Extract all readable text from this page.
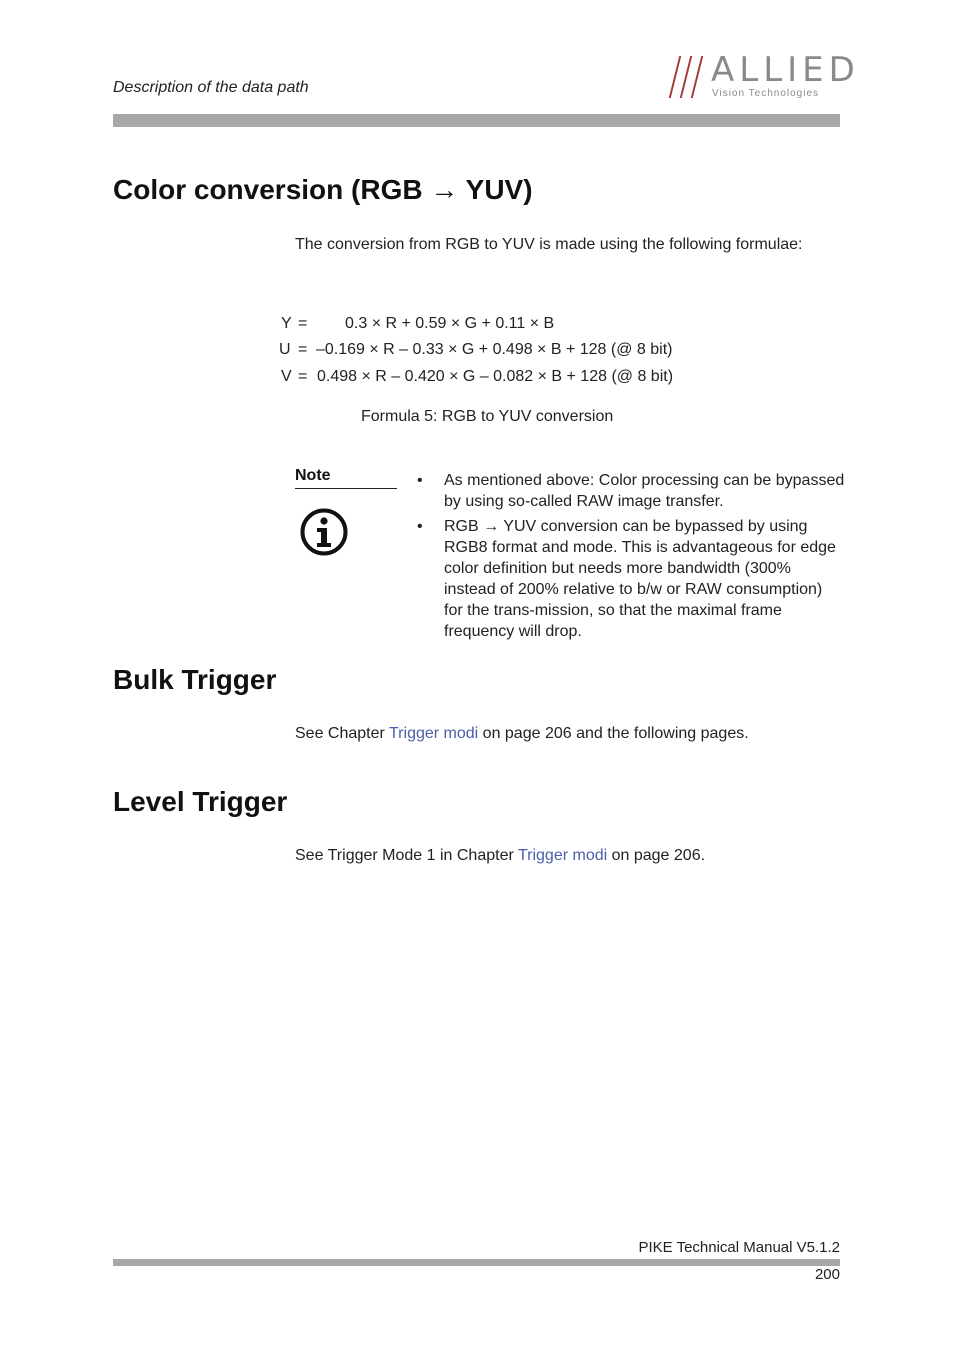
Description of the data path	ALLIED
Vision Technologies
Color conversion (RGB → YUV)
The conversion from RGB to YUV is made using the following formulae:
Y = 0.3 × R + 0.59 × G + 0.11 × B
U = –0.169 × R – 0.33 × G + 0.498 × B + 128 (@ 8 bit)
V = 0.498 × R – 0.420 × G – 0.082 × B + 128 (@ 8 bit)
Formula 5: RGB to YUV conversion
Note	• As mentioned above: Color processing can be bypassed by using so-called RAW image transfer.
• RGB → YUV conversion can be bypassed by using RGB8 format and mode. This is advantageous for edge color definition but needs more bandwidth (300% instead of 200% relative to b/w or RAW consumption) for the trans-mission, so that the maximal frame frequency will drop.
Bulk Trigger
See Chapter Trigger modi on page 206 and the following pages.
Level Trigger
See Trigger Mode 1 in Chapter Trigger modi on page 206.
PIKE Technical Manual V5.1.2
200
